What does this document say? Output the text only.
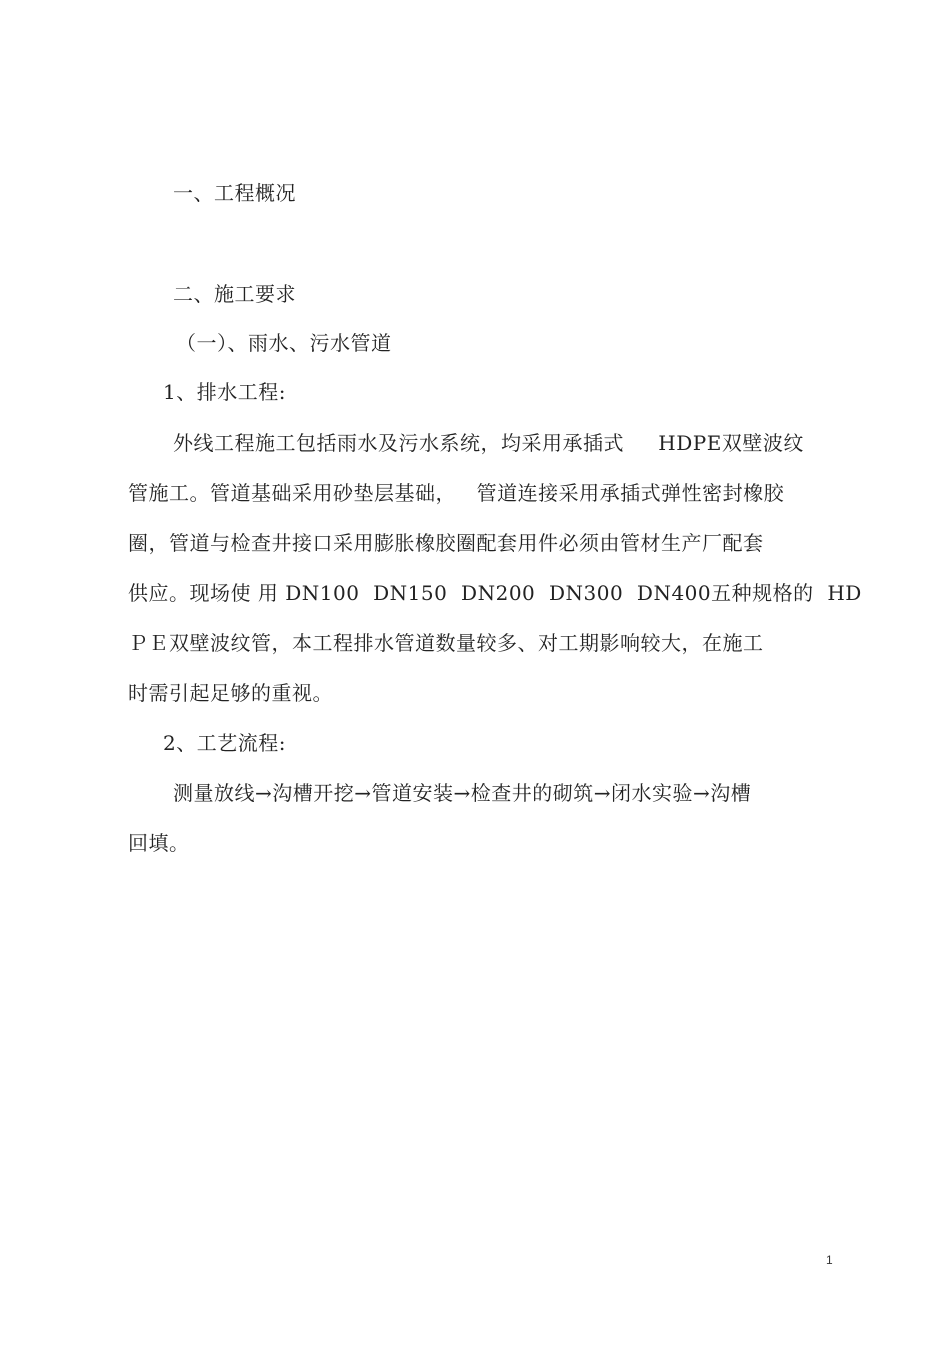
一、工程概况
二、施工要求
（一）、雨水、污水管道
1、排水工程:
外线工程施工包括雨水及污水系统，均采用承插式     HDPE双壁波纹
管施工。管道基础采用砂垫层基础，   管道连接采用承插式弹性密封橡胶
圈，管道与检查井接口采用膨胀橡胶圈配套用件必须由管材生产厂配套
供应。现场使 用 DN100  DN150  DN200  DN300  DN400五种规格的  HD
ＰＥ双壁波纹管，本工程排水管道数量较多、对工期影响较大，在施工
时需引起足够的重视。
2、工艺流程:
测量放线→沟槽开挖→管道安装→检查井的砌筑→闭水实验→沟槽
回填。
1
